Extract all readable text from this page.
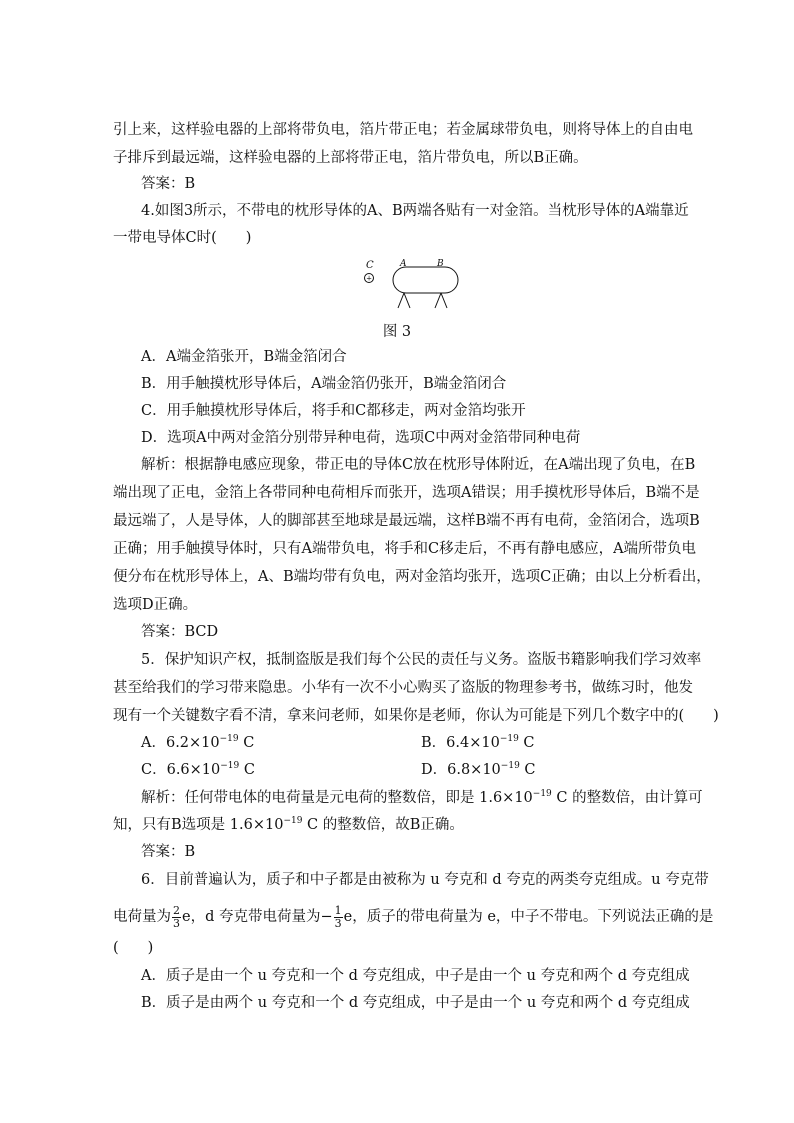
引上来，这样验电器的上部将带负电，箔片带正电；若金属球带负电，则将导体上的自由电
子排斥到最远端，这样验电器的上部将带正电，箔片带负电，所以B正确。
答案：B
4.如图3所示，不带电的枕形导体的A、B两端各贴有一对金箔。当枕形导体的A端靠近
一带电导体C时(　　)
+
C	A	B
图 3
A．A端金箔张开，B端金箔闭合
B．用手触摸枕形导体后，A端金箔仍张开，B端金箔闭合
C．用手触摸枕形导体后，将手和C都移走，两对金箔均张开
D．选项A中两对金箔分别带异种电荷，选项C中两对金箔带同种电荷
解析：根据静电感应现象，带正电的导体C放在枕形导体附近，在A端出现了负电，在B
端出现了正电，金箔上各带同种电荷相斥而张开，选项A错误；用手摸枕形导体后，B端不是
最远端了，人是导体，人的脚部甚至地球是最远端，这样B端不再有电荷，金箔闭合，选项B
正确；用手触摸导体时，只有A端带负电，将手和C移走后，不再有静电感应，A端所带负电
便分布在枕形导体上，A、B端均带有负电，两对金箔均张开，选项C正确；由以上分析看出，
选项D正确。
答案：BCD
5．保护知识产权，抵制盗版是我们每个公民的责任与义务。盗版书籍影响我们学习效率
甚至给我们的学习带来隐患。小华有一次不小心购买了盗版的物理参考书，做练习时，他发
现有一个关键数字看不清，拿来问老师，如果你是老师，你认为可能是下列几个数字中的(　　)
A．$6.2\times 10^{-19}$ C	B．$6.4\times 10^{-19}$ C
C．$6.6\times 10^{-19}$ C	D．$6.8\times 10^{-19}$ C
解析：任何带电体的电荷量是元电荷的整数倍，即是 $1.6\times 10^{-19}$ C 的整数倍，由计算可
知，只有B选项是 $1.6\times 10^{-19}$ C 的整数倍，故B正确。
答案：B
6．目前普遍认为，质子和中子都是由被称为 u 夸克和 d 夸克的两类夸克组成。u 夸克带
电荷量为 $\frac{2}{3}$ e，d 夸克带电荷量为− $\frac{1}{3}$ e，质子的带电荷量为 e，中子不带电。下列说法正确的是
(　　)
A．质子是由一个 u 夸克和一个 d 夸克组成，中子是由一个 u 夸克和两个 d 夸克组成
B．质子是由两个 u 夸克和一个 d 夸克组成，中子是由一个 u 夸克和两个 d 夸克组成
